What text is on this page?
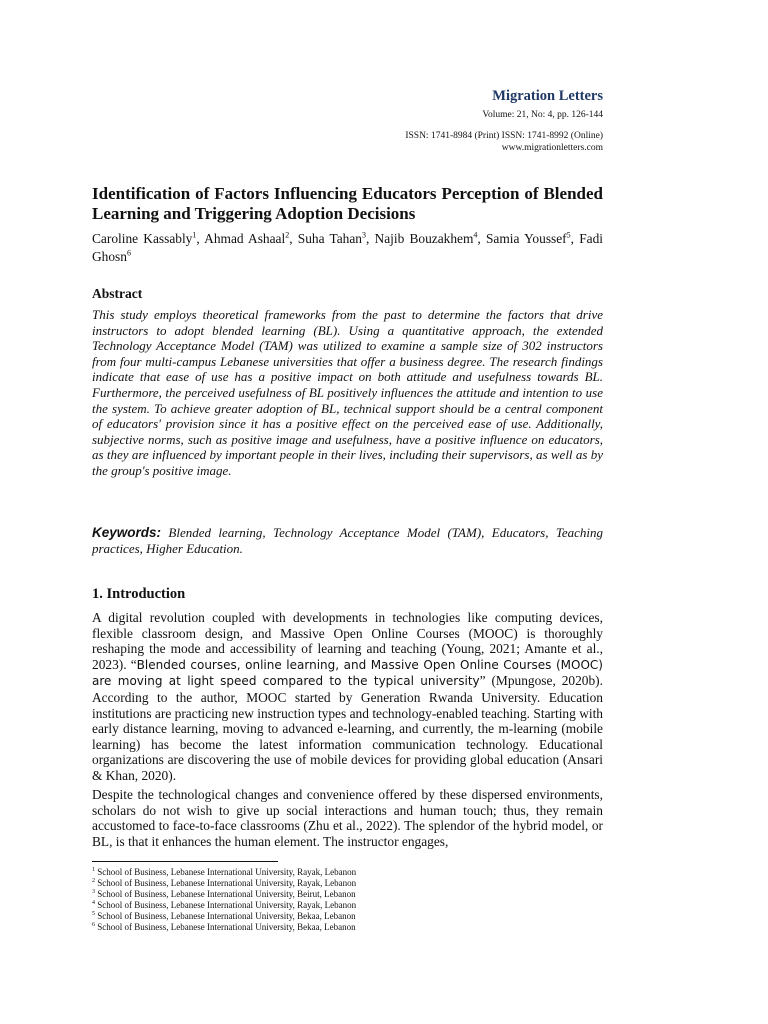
Migration Letters
Volume: 21, No: 4, pp. 126-144
ISSN: 1741-8984 (Print) ISSN: 1741-8992 (Online)
www.migrationletters.com
Identification of Factors Influencing Educators Perception of Blended Learning and Triggering Adoption Decisions
Caroline Kassably$^1$, Ahmad Ashaal$^2$, Suha Tahan$^3$, Najib Bouzakhem$^4$, Samia Youssef$^5$, Fadi Ghosn$^6$
Abstract

This study employs theoretical frameworks from the past to determine the factors that drive instructors to adopt blended learning (BL). Using a quantitative approach, the extended Technology Acceptance Model (TAM) was utilized to examine a sample size of 302 instructors from four multi-campus Lebanese universities that offer a business degree. The research findings indicate that ease of use has a positive impact on both attitude and usefulness towards BL. Furthermore, the perceived usefulness of BL positively influences the attitude and intention to use the system. To achieve greater adoption of BL, technical support should be a central component of educators' provision since it has a positive effect on the perceived ease of use. Additionally, subjective norms, such as positive image and usefulness, have a positive influence on educators, as they are influenced by important people in their lives, including their supervisors, as well as by the group's positive image.

Keywords: Blended learning, Technology Acceptance Model (TAM), Educators, Teaching practices, Higher Education.
1. Introduction

A digital revolution coupled with developments in technologies like computing devices, flexible classroom design, and Massive Open Online Courses (MOOC) is thoroughly reshaping the mode and accessibility of learning and teaching (Young, 2021; Amante et al., 2023). “Blended courses, online learning, and Massive Open Online Courses (MOOC) are moving at light speed compared to the typical university” (Mpungose, 2020b). According to the author, MOOC started by Generation Rwanda University. Education institutions are practicing new instruction types and technology-enabled teaching. Starting with early distance learning, moving to advanced e-learning, and currently, the m-learning (mobile learning) has become the latest information communication technology. Educational organizations are discovering the use of mobile devices for providing global education (Ansari & Khan, 2020).

Despite the technological changes and convenience offered by these dispersed environments, scholars do not wish to give up social interactions and human touch; thus, they remain accustomed to face-to-face classrooms (Zhu et al., 2022). The splendor of the hybrid model, or BL, is that it enhances the human element. The instructor engages,

$^1$ School of Business, Lebanese International University, Rayak, Lebanon
$^2$ School of Business, Lebanese International University, Rayak, Lebanon
$^3$ School of Business, Lebanese International University, Beirut, Lebanon
$^4$ School of Business, Lebanese International University, Rayak, Lebanon
$^5$ School of Business, Lebanese International University, Bekaa, Lebanon
$^6$ School of Business, Lebanese International University, Bekaa, Lebanon
